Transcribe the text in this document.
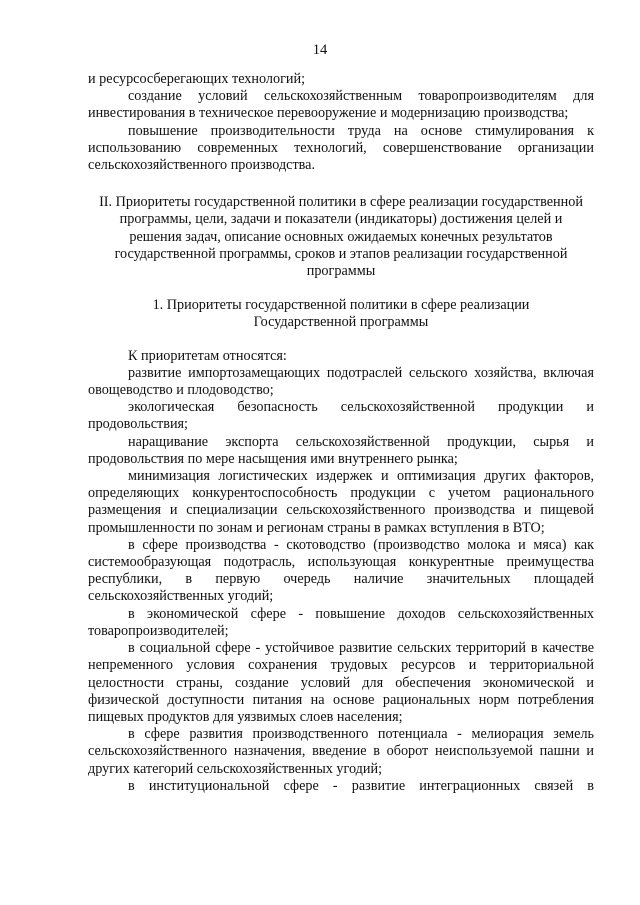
14

и ресурсосберегающих технологий;

создание условий сельскохозяйственным товаропроизводителям для инвестирования в техническое перевооружение и модернизацию производства;

повышение производительности труда на основе стимулирования к использованию современных технологий, совершенствование организации сельскохозяйственного производства.

II. Приоритеты государственной политики в сфере реализации государственной программы, цели, задачи и показатели (индикаторы) достижения целей и решения задач, описание основных ожидаемых конечных результатов государственной программы, сроков и этапов реализации государственной программы

1. Приоритеты государственной политики в сфере реализации Государственной программы

К приоритетам относятся:

развитие импортозамещающих подотраслей сельского хозяйства, включая овощеводство и плодоводство;

экологическая безопасность сельскохозяйственной продукции и продовольствия;

наращивание экспорта сельскохозяйственной продукции, сырья и продовольствия по мере насыщения ими внутреннего рынка;

минимизация логистических издержек и оптимизация других факторов, определяющих конкурентоспособность продукции с учетом рационального размещения и специализации сельскохозяйственного производства и пищевой промышленности по зонам и регионам страны в рамках вступления в ВТО;

в сфере производства - скотоводство (производство молока и мяса) как системообразующая подотрасль, использующая конкурентные преимущества республики, в первую очередь наличие значительных площадей сельскохозяйственных угодий;

в экономической сфере - повышение доходов сельскохозяйственных товаропроизводителей;

в социальной сфере - устойчивое развитие сельских территорий в качестве непременного условия сохранения трудовых ресурсов и территориальной целостности страны, создание условий для обеспечения экономической и физической доступности питания на основе рациональных норм потребления пищевых продуктов для уязвимых слоев населения;

в сфере развития производственного потенциала - мелиорация земель сельскохозяйственного назначения, введение в оборот неиспользуемой пашни и других категорий сельскохозяйственных угодий;

в институциональной сфере - развитие интеграционных связей в
